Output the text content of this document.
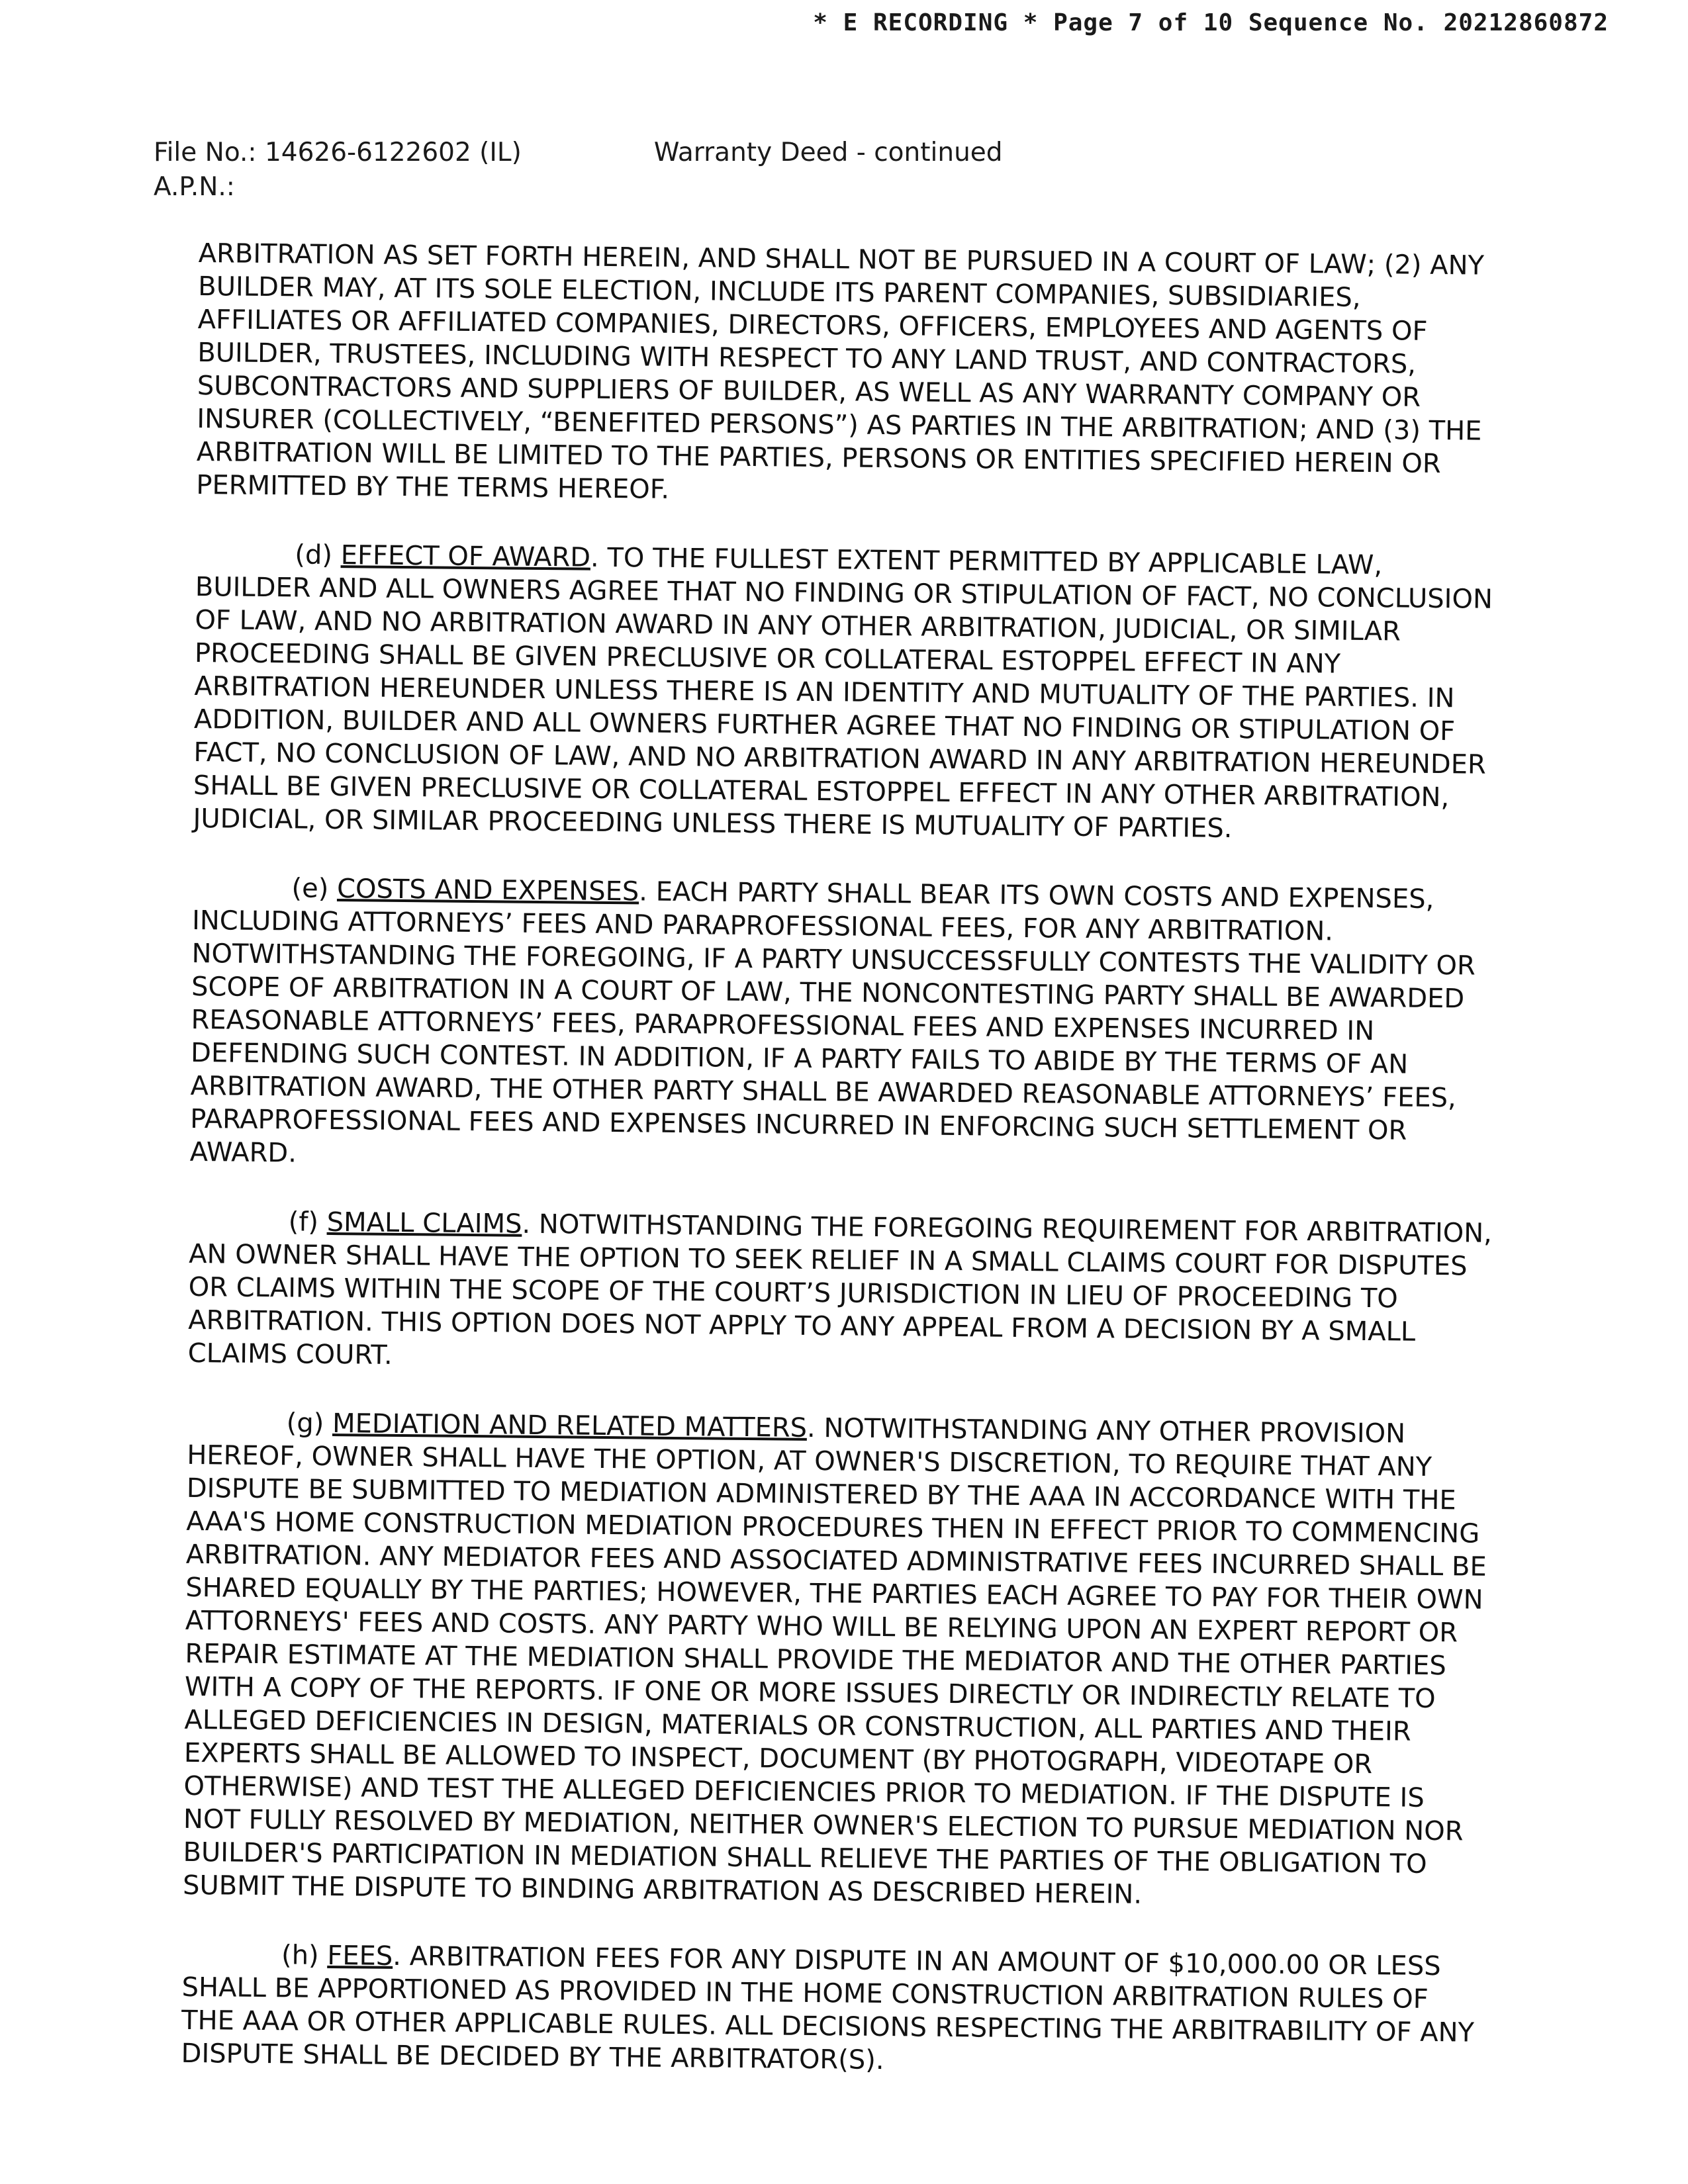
* E RECORDING * Page 7 of 10 Sequence No. 20212860872
File No.: 14626-6122602 (IL)	Warranty Deed - continued
A.P.N.:

ARBITRATION AS SET FORTH HEREIN, AND SHALL NOT BE PURSUED IN A COURT OF LAW; (2) ANY BUILDER MAY, AT ITS SOLE ELECTION, INCLUDE ITS PARENT COMPANIES, SUBSIDIARIES, AFFILIATES OR AFFILIATED COMPANIES, DIRECTORS, OFFICERS, EMPLOYEES AND AGENTS OF BUILDER, TRUSTEES, INCLUDING WITH RESPECT TO ANY LAND TRUST, AND CONTRACTORS, SUBCONTRACTORS AND SUPPLIERS OF BUILDER, AS WELL AS ANY WARRANTY COMPANY OR INSURER (COLLECTIVELY, “BENEFITED PERSONS”) AS PARTIES IN THE ARBITRATION; AND (3) THE ARBITRATION WILL BE LIMITED TO THE PARTIES, PERSONS OR ENTITIES SPECIFIED HEREIN OR PERMITTED BY THE TERMS HEREOF.

(d) EFFECT OF AWARD. TO THE FULLEST EXTENT PERMITTED BY APPLICABLE LAW, BUILDER AND ALL OWNERS AGREE THAT NO FINDING OR STIPULATION OF FACT, NO CONCLUSION OF LAW, AND NO ARBITRATION AWARD IN ANY OTHER ARBITRATION, JUDICIAL, OR SIMILAR PROCEEDING SHALL BE GIVEN PRECLUSIVE OR COLLATERAL ESTOPPEL EFFECT IN ANY ARBITRATION HEREUNDER UNLESS THERE IS AN IDENTITY AND MUTUALITY OF THE PARTIES. IN ADDITION, BUILDER AND ALL OWNERS FURTHER AGREE THAT NO FINDING OR STIPULATION OF FACT, NO CONCLUSION OF LAW, AND NO ARBITRATION AWARD IN ANY ARBITRATION HEREUNDER SHALL BE GIVEN PRECLUSIVE OR COLLATERAL ESTOPPEL EFFECT IN ANY OTHER ARBITRATION, JUDICIAL, OR SIMILAR PROCEEDING UNLESS THERE IS MUTUALITY OF PARTIES.

(e) COSTS AND EXPENSES. EACH PARTY SHALL BEAR ITS OWN COSTS AND EXPENSES, INCLUDING ATTORNEYS’ FEES AND PARAPROFESSIONAL FEES, FOR ANY ARBITRATION. NOTWITHSTANDING THE FOREGOING, IF A PARTY UNSUCCESSFULLY CONTESTS THE VALIDITY OR SCOPE OF ARBITRATION IN A COURT OF LAW, THE NONCONTESTING PARTY SHALL BE AWARDED REASONABLE ATTORNEYS’ FEES, PARAPROFESSIONAL FEES AND EXPENSES INCURRED IN DEFENDING SUCH CONTEST. IN ADDITION, IF A PARTY FAILS TO ABIDE BY THE TERMS OF AN ARBITRATION AWARD, THE OTHER PARTY SHALL BE AWARDED REASONABLE ATTORNEYS’ FEES, PARAPROFESSIONAL FEES AND EXPENSES INCURRED IN ENFORCING SUCH SETTLEMENT OR AWARD.

(f) SMALL CLAIMS. NOTWITHSTANDING THE FOREGOING REQUIREMENT FOR ARBITRATION, AN OWNER SHALL HAVE THE OPTION TO SEEK RELIEF IN A SMALL CLAIMS COURT FOR DISPUTES OR CLAIMS WITHIN THE SCOPE OF THE COURT’S JURISDICTION IN LIEU OF PROCEEDING TO ARBITRATION. THIS OPTION DOES NOT APPLY TO ANY APPEAL FROM A DECISION BY A SMALL CLAIMS COURT.

(g) MEDIATION AND RELATED MATTERS. NOTWITHSTANDING ANY OTHER PROVISION HEREOF, OWNER SHALL HAVE THE OPTION, AT OWNER'S DISCRETION, TO REQUIRE THAT ANY DISPUTE BE SUBMITTED TO MEDIATION ADMINISTERED BY THE AAA IN ACCORDANCE WITH THE AAA'S HOME CONSTRUCTION MEDIATION PROCEDURES THEN IN EFFECT PRIOR TO COMMENCING ARBITRATION. ANY MEDIATOR FEES AND ASSOCIATED ADMINISTRATIVE FEES INCURRED SHALL BE SHARED EQUALLY BY THE PARTIES; HOWEVER, THE PARTIES EACH AGREE TO PAY FOR THEIR OWN ATTORNEYS' FEES AND COSTS. ANY PARTY WHO WILL BE RELYING UPON AN EXPERT REPORT OR REPAIR ESTIMATE AT THE MEDIATION SHALL PROVIDE THE MEDIATOR AND THE OTHER PARTIES WITH A COPY OF THE REPORTS. IF ONE OR MORE ISSUES DIRECTLY OR INDIRECTLY RELATE TO ALLEGED DEFICIENCIES IN DESIGN, MATERIALS OR CONSTRUCTION, ALL PARTIES AND THEIR EXPERTS SHALL BE ALLOWED TO INSPECT, DOCUMENT (BY PHOTOGRAPH, VIDEOTAPE OR OTHERWISE) AND TEST THE ALLEGED DEFICIENCIES PRIOR TO MEDIATION. IF THE DISPUTE IS NOT FULLY RESOLVED BY MEDIATION, NEITHER OWNER'S ELECTION TO PURSUE MEDIATION NOR BUILDER'S PARTICIPATION IN MEDIATION SHALL RELIEVE THE PARTIES OF THE OBLIGATION TO SUBMIT THE DISPUTE TO BINDING ARBITRATION AS DESCRIBED HEREIN.

(h) FEES. ARBITRATION FEES FOR ANY DISPUTE IN AN AMOUNT OF $10,000.00 OR LESS SHALL BE APPORTIONED AS PROVIDED IN THE HOME CONSTRUCTION ARBITRATION RULES OF THE AAA OR OTHER APPLICABLE RULES. ALL DECISIONS RESPECTING THE ARBITRABILITY OF ANY DISPUTE SHALL BE DECIDED BY THE ARBITRATOR(S).
